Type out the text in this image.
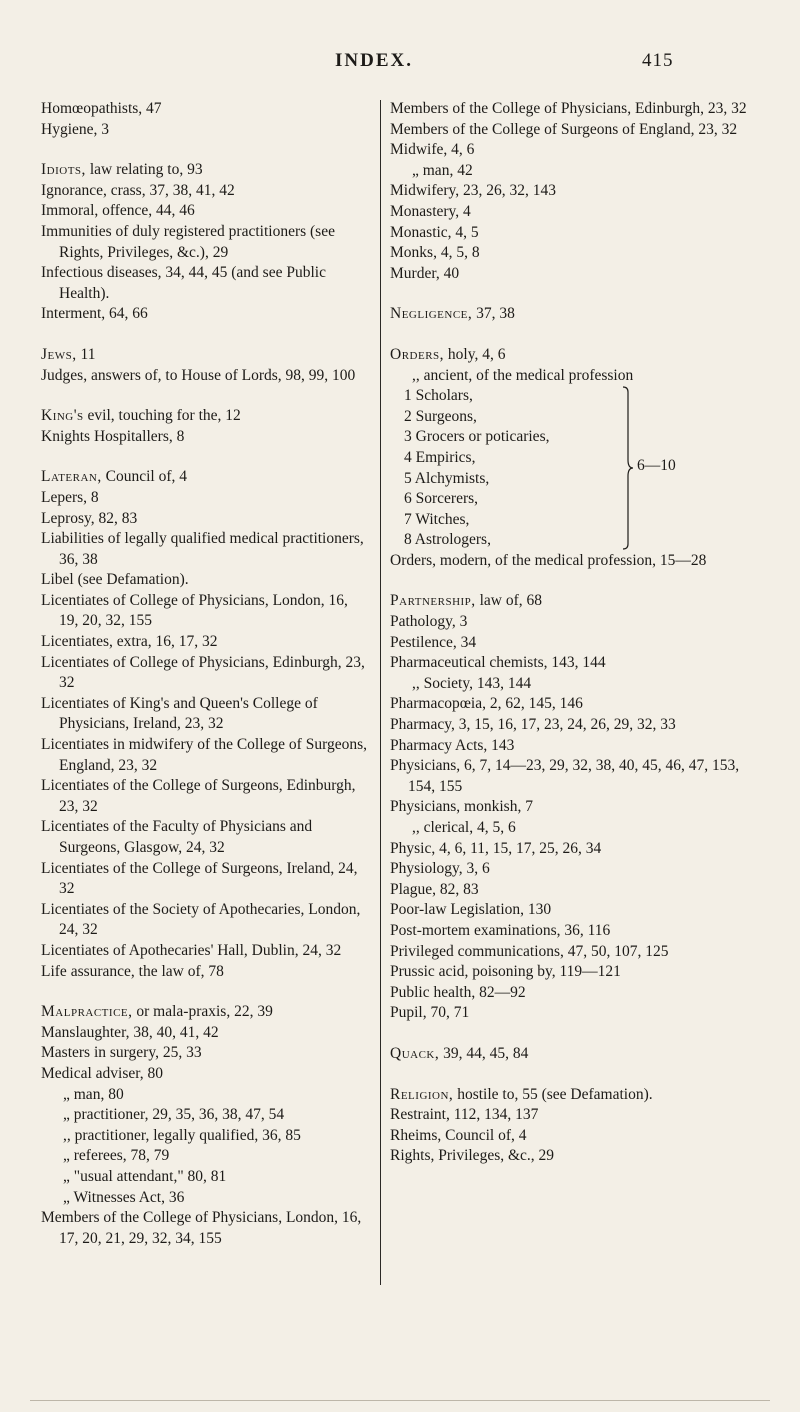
INDEX.	415
Homœopathists, 47
Hygiene, 3
Idiots, law relating to, 93
Ignorance, crass, 37, 38, 41, 42
Immoral, offence, 44, 46
Immunities of duly registered practitioners (see Rights, Privileges, &c.), 29
Infectious diseases, 34, 44, 45 (and see Public Health).
Interment, 64, 66
Jews, 11
Judges, answers of, to House of Lords, 98, 99, 100
King's evil, touching for the, 12
Knights Hospitallers, 8
Lateran, Council of, 4
Lepers, 8
Leprosy, 82, 83
Liabilities of legally qualified medical practitioners, 36, 38
Libel (see Defamation).
Licentiates of College of Physicians, London, 16, 19, 20, 32, 155
Licentiates, extra, 16, 17, 32
Licentiates of College of Physicians, Edinburgh, 23, 32
Licentiates of King's and Queen's College of Physicians, Ireland, 23, 32
Licentiates in midwifery of the College of Surgeons, England, 23, 32
Licentiates of the College of Surgeons, Edinburgh, 23, 32
Licentiates of the Faculty of Physicians and Surgeons, Glasgow, 24, 32
Licentiates of the College of Surgeons, Ireland, 24, 32
Licentiates of the Society of Apothecaries, London, 24, 32
Licentiates of Apothecaries' Hall, Dublin, 24, 32
Life assurance, the law of, 78
Malpractice, or mala-praxis, 22, 39
Manslaughter, 38, 40, 41, 42
Masters in surgery, 25, 33
Medical adviser, 80
„ man, 80
„ practitioner, 29, 35, 36, 38, 47, 54
,, practitioner, legally qualified, 36, 85
„ referees, 78, 79
„ "usual attendant," 80, 81
„ Witnesses Act, 36
Members of the College of Physicians, London, 16, 17, 20, 21, 29, 32, 34, 155
Members of the College of Physicians, Edinburgh, 23, 32
Members of the College of Surgeons of England, 23, 32
Midwife, 4, 6
„ man, 42
Midwifery, 23, 26, 32, 143
Monastery, 4
Monastic, 4, 5
Monks, 4, 5, 8
Murder, 40
Negligence, 37, 38
Orders, holy, 4, 6
,, ancient, of the medical profession
1 Scholars,
2 Surgeons,
3 Grocers or poticaries,
4 Empirics,
5 Alchymists,
6 Sorcerers,
7 Witches,
8 Astrologers,
6—10
Orders, modern, of the medical profession, 15—28
Partnership, law of, 68
Pathology, 3
Pestilence, 34
Pharmaceutical chemists, 143, 144
,, Society, 143, 144
Pharmacopœia, 2, 62, 145, 146
Pharmacy, 3, 15, 16, 17, 23, 24, 26, 29, 32, 33
Pharmacy Acts, 143
Physicians, 6, 7, 14—23, 29, 32, 38, 40, 45, 46, 47, 153, 154, 155
Physicians, monkish, 7
,, clerical, 4, 5, 6
Physic, 4, 6, 11, 15, 17, 25, 26, 34
Physiology, 3, 6
Plague, 82, 83
Poor-law Legislation, 130
Post-mortem examinations, 36, 116
Privileged communications, 47, 50, 107, 125
Prussic acid, poisoning by, 119—121
Public health, 82—92
Pupil, 70, 71
Quack, 39, 44, 45, 84
Religion, hostile to, 55 (see Defamation).
Restraint, 112, 134, 137
Rheims, Council of, 4
Rights, Privileges, &c., 29
